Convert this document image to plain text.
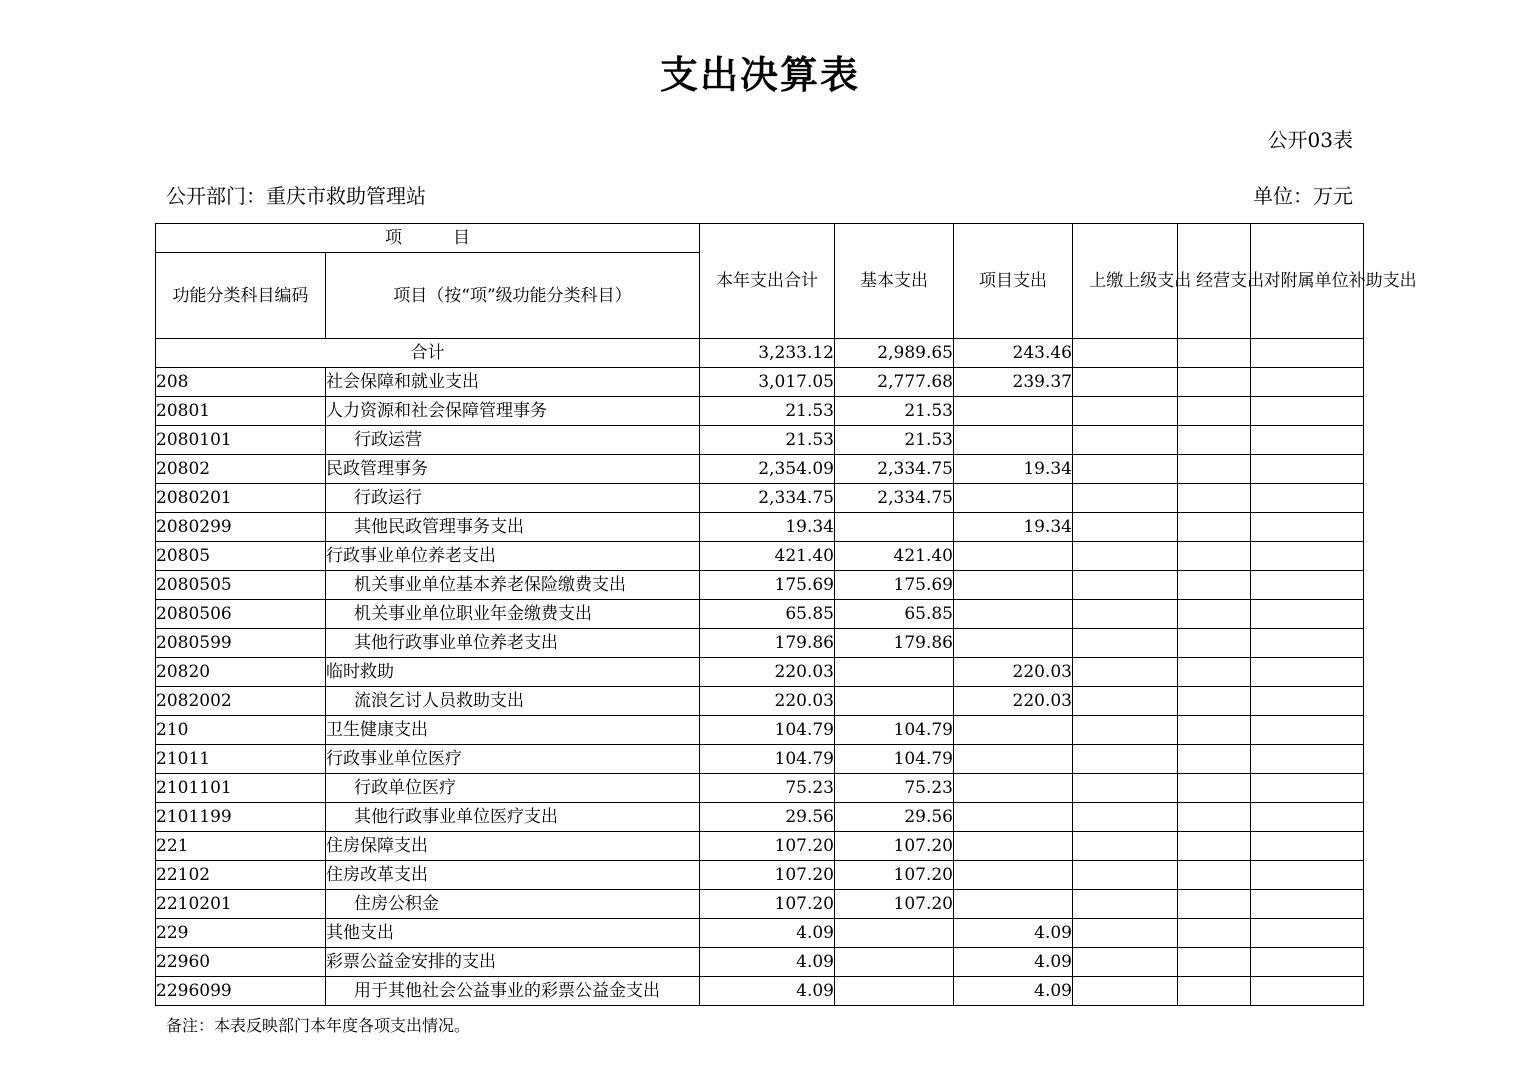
支出决算表
公开03表
公开部门：重庆市救助管理站	单位：万元
项　　　目		本年支出合计	基本支出	项目支出	上缴上级支出	经营支出	对附属单位补助支出

功能分类科目编码	项目（按“项”级功能分类科目）						
合计		3,233.12	2,989.65	243.46			
208	社会保障和就业支出	3,017.05	2,777.68	239.37			
20801	人力资源和社会保障管理事务	21.53	21.53				
2080101	行政运营	21.53	21.53				
20802	民政管理事务	2,354.09	2,334.75	19.34			
2080201	行政运行	2,334.75	2,334.75				
2080299	其他民政管理事务支出	19.34		19.34			
20805	行政事业单位养老支出	421.40	421.40				
2080505	机关事业单位基本养老保险缴费支出	175.69	175.69				
2080506	机关事业单位职业年金缴费支出	65.85	65.85				
2080599	其他行政事业单位养老支出	179.86	179.86				
20820	临时救助	220.03		220.03			
2082002	流浪乞讨人员救助支出	220.03		220.03			
210	卫生健康支出	104.79	104.79				
21011	行政事业单位医疗	104.79	104.79				
2101101	行政单位医疗	75.23	75.23				
2101199	其他行政事业单位医疗支出	29.56	29.56				
221	住房保障支出	107.20	107.20				
22102	住房改革支出	107.20	107.20				
2210201	住房公积金	107.20	107.20				
229	其他支出	4.09		4.09			
22960	彩票公益金安排的支出	4.09		4.09			
2296099	用于其他社会公益事业的彩票公益金支出	4.09		4.09			
备注：本表反映部门本年度各项支出情况。
